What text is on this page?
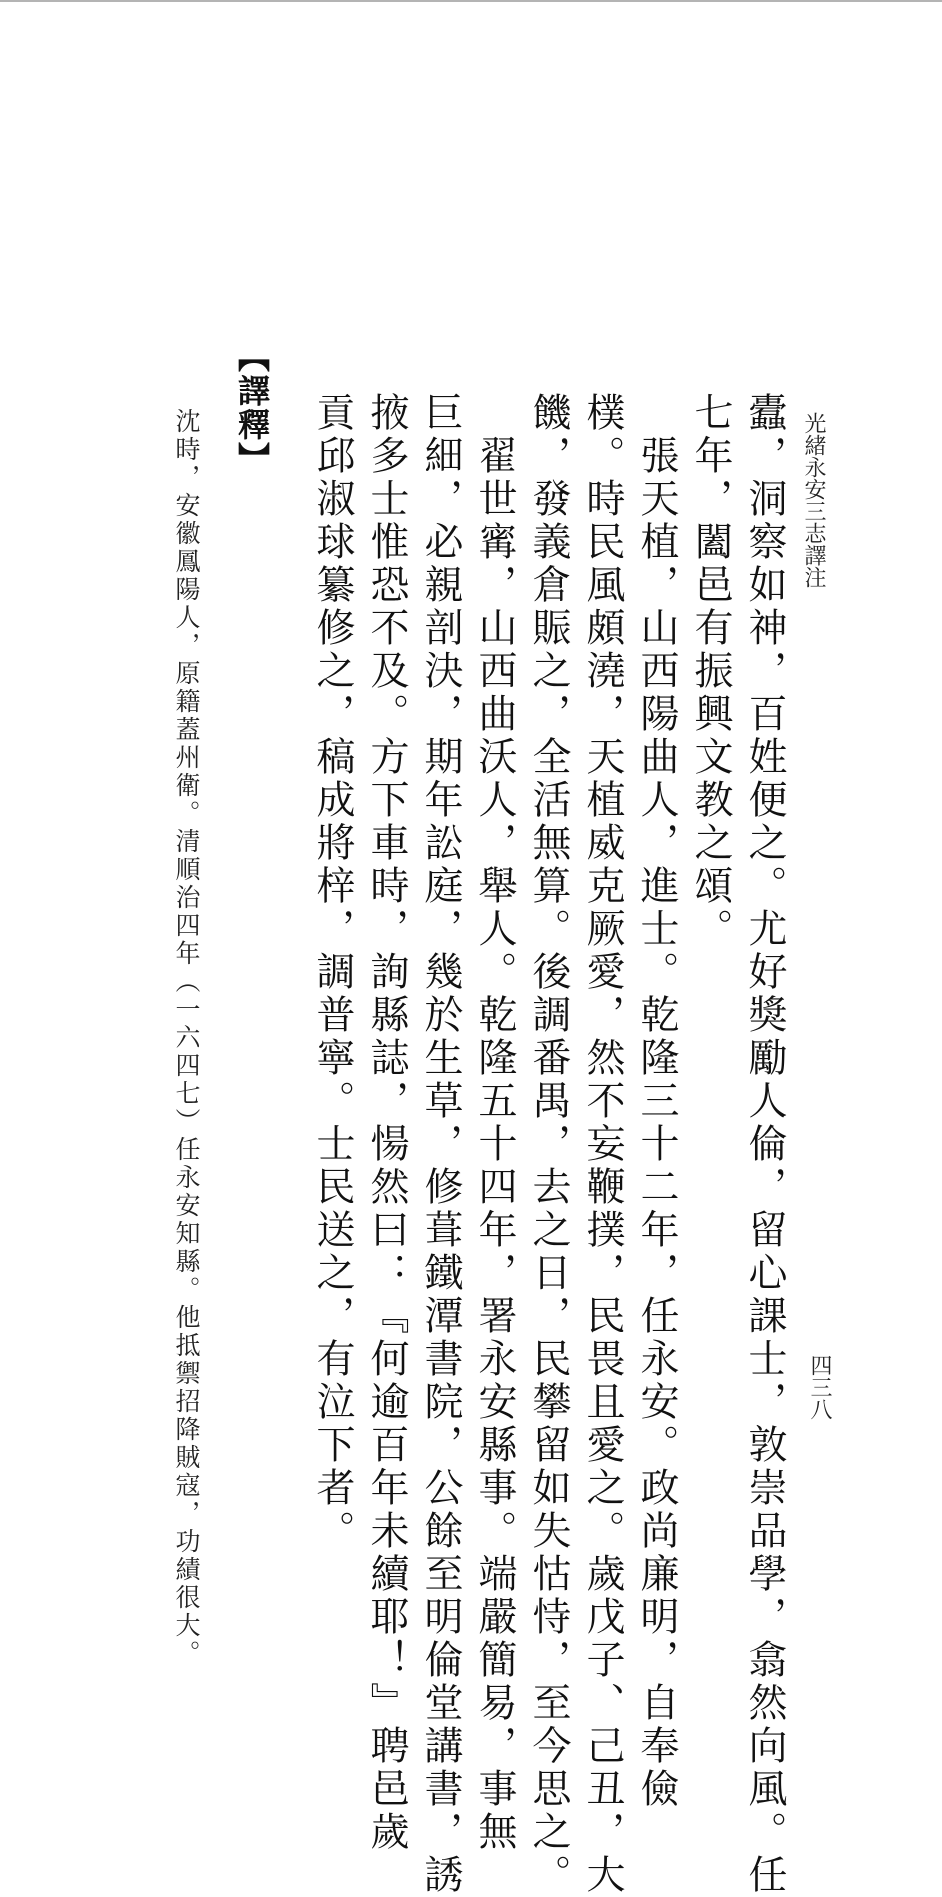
光緒永安三志譯注
四三八
蠹，洞察如神，百姓便之。尤好獎勵人倫，留心課士，敦崇品學，翕然向風。任
七年，闔邑有振興文教之頌。
　張天植，山西陽曲人，進士。乾隆三十二年，任永安。政尚廉明，自奉儉
樸。時民風頗澆，天植威克厥愛，然不妄鞭撲，民畏且愛之。歲戊子、己丑，大
饑，發義倉賑之，全活無算。後調番禺，去之日，民攀留如失怙恃，至今思之。
　翟世寗，山西曲沃人，舉人。乾隆五十四年，署永安縣事。端嚴簡易，事無
巨細，必親剖決，期年訟庭，幾於生草，修葺鐵潭書院，公餘至明倫堂講書，誘
掖多士惟恐不及。方下車時，詢縣誌，愓然曰：『何逾百年未續耶！』聘邑歲
貢邱淑球纂修之，稿成將梓，調普寧。士民送之，有泣下者。
【譯釋】
沈時，安徽鳳陽人，原籍蓋州衛。清順治四年（一六四七）任永安知縣。他抵禦招降賊寇，功績很大。
